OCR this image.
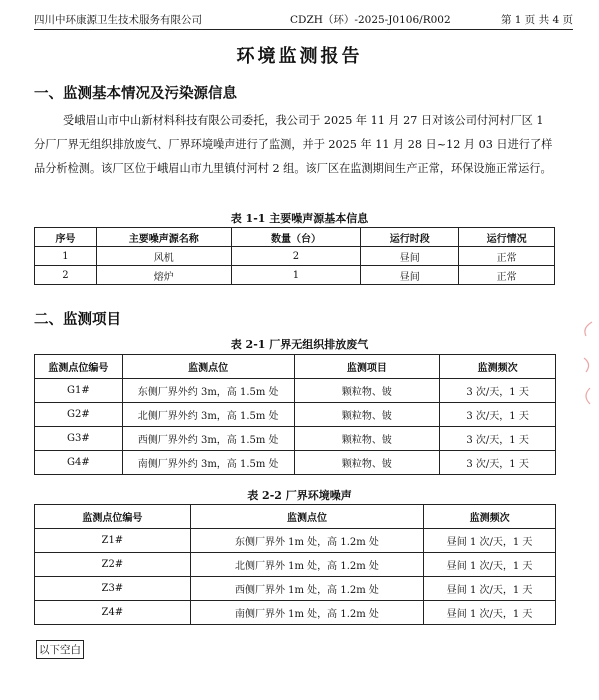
四川中环康源卫生技术服务有限公司	CDZH（环）-2025-J0106/R002	第 1 页 共 4 页
环境监测报告
一、监测基本情况及污染源信息
受峨眉山市中山新材料科技有限公司委托，我公司于 2025 年 11 月 27 日对该公司付河村厂区 1 分厂厂界无组织排放废气、厂界环境噪声进行了监测，并于 2025 年 11 月 28 日~12 月 03 日进行了样品分析检测。该厂区位于峨眉山市九里镇付河村 2 组。该厂区在监测期间生产正常，环保设施正常运行。
表 1-1 主要噪声源基本信息
序号	主要噪声源名称	数量（台）	运行时段	运行情况
1	风机	2	昼间	正常
2	熔炉	1	昼间	正常
二、监测项目
表 2-1 厂界无组织排放废气
监测点位编号	监测点位	监测项目	监测频次
G1#	东侧厂界外约 3m，高 1.5m 处	颗粒物、铍	3 次/天，1 天
G2#	北侧厂界外约 3m，高 1.5m 处	颗粒物、铍	3 次/天，1 天
G3#	西侧厂界外约 3m，高 1.5m 处	颗粒物、铍	3 次/天，1 天
G4#	南侧厂界外约 3m，高 1.5m 处	颗粒物、铍	3 次/天，1 天
表 2-2 厂界环境噪声
监测点位编号	监测点位	监测频次
Z1#	东侧厂界外 1m 处，高 1.2m 处	昼间 1 次/天，1 天
Z2#	北侧厂界外 1m 处，高 1.2m 处	昼间 1 次/天，1 天
Z3#	西侧厂界外 1m 处，高 1.2m 处	昼间 1 次/天，1 天
Z4#	南侧厂界外 1m 处，高 1.2m 处	昼间 1 次/天，1 天
以下空白
